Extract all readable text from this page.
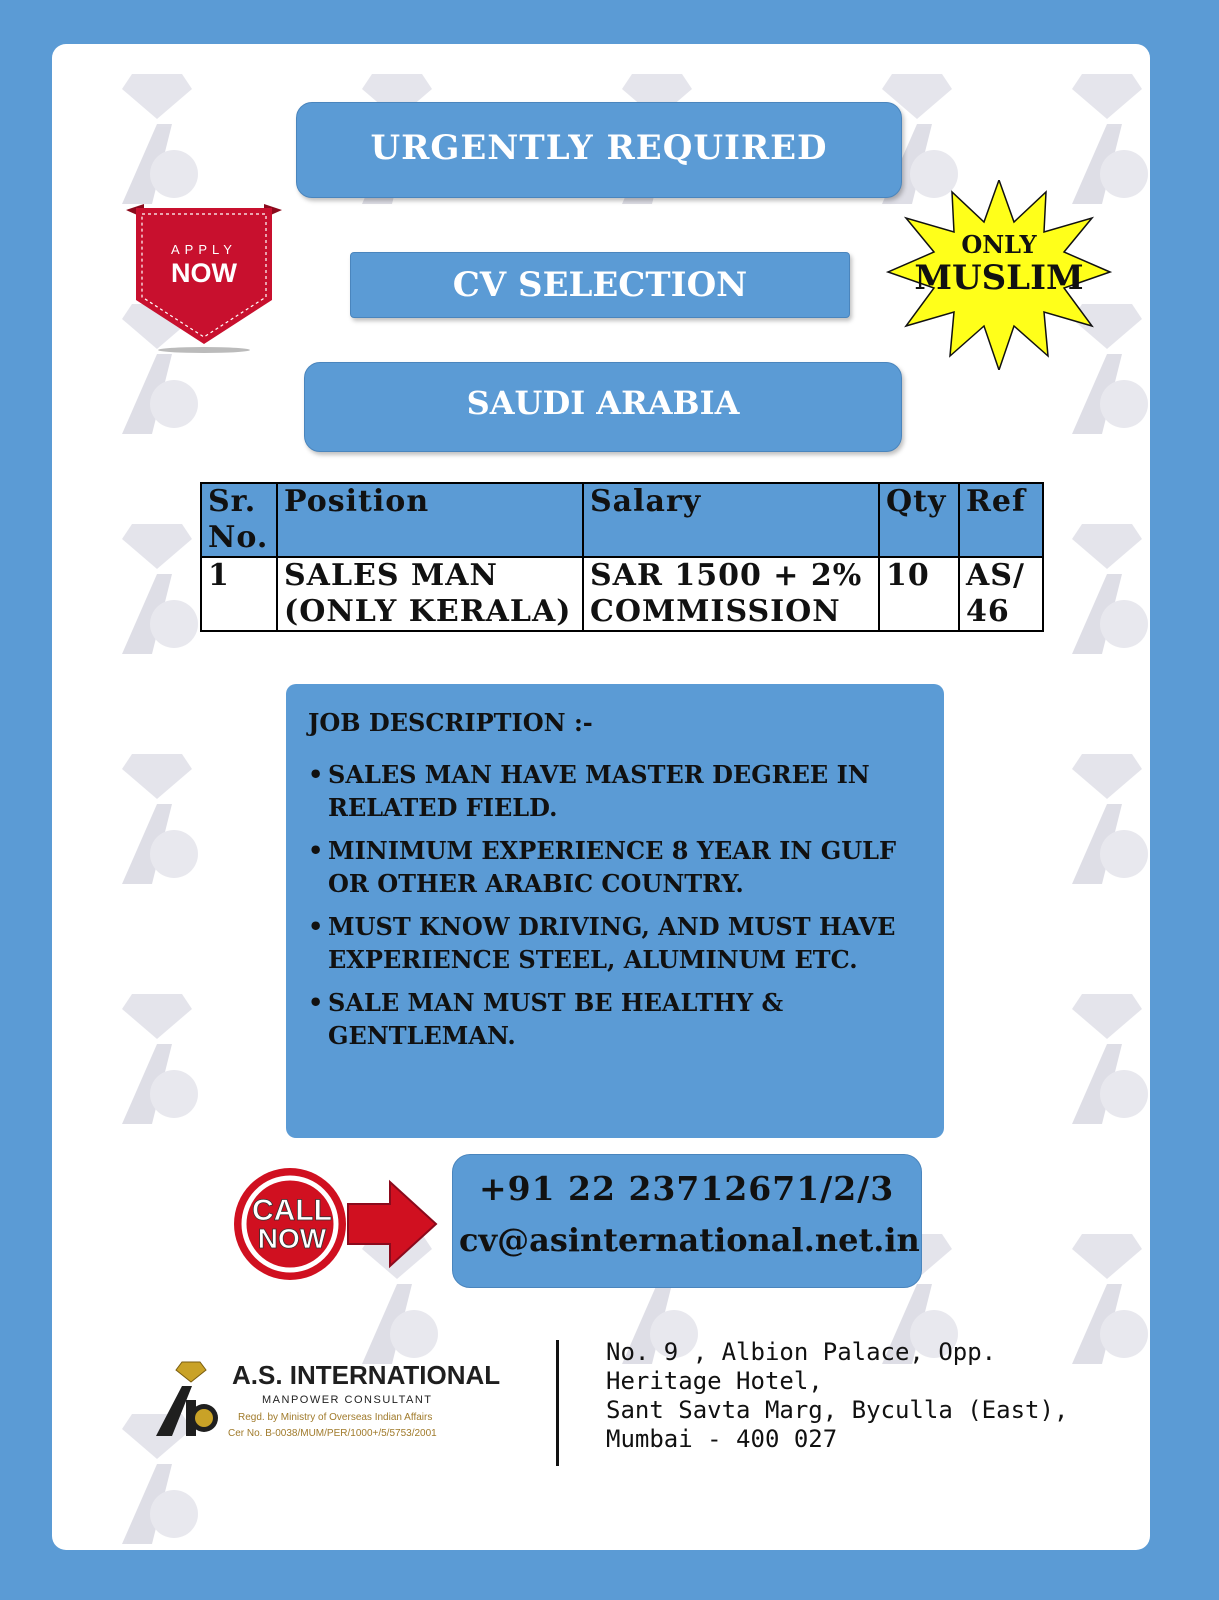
URGENTLY REQUIRED
CV SELECTION
SAUDI ARABIA
APPLY
NOW
ONLY
MUSLIM
Sr. No.	Position	Salary	Qty	Ref
1	SALES MAN (ONLY KERALA)	SAR 1500 + 2% COMMISSION	10	AS/ 46
JOB DESCRIPTION :-
• SALES MAN HAVE MASTER DEGREE IN RELATED FIELD.
• MINIMUM EXPERIENCE 8 YEAR IN GULF OR OTHER ARABIC COUNTRY.
• MUST KNOW DRIVING, AND MUST HAVE EXPERIENCE STEEL, ALUMINUM ETC.
• SALE MAN MUST BE HEALTHY & GENTLEMAN.
CALL
NOW
+91 22 23712671/2/3
cv@asinternational.net.in
A.S. INTERNATIONAL
MANPOWER CONSULTANT
Regd. by Ministry of Overseas Indian Affairs
Cer No. B-0038/MUM/PER/1000+/5/5753/2001
No. 9 , Albion Palace, Opp.
Heritage Hotel,
Sant Savta Marg, Byculla (East),
Mumbai - 400 027
